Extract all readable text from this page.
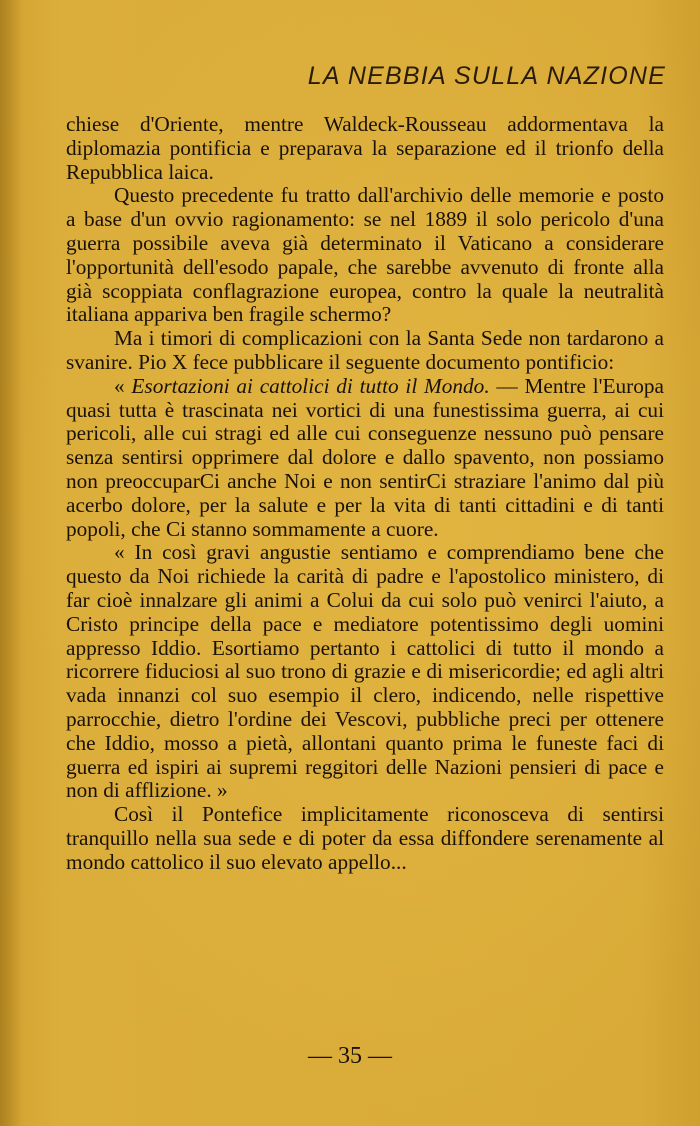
LA NEBBIA SULLA NAZIONE

chiese d'Oriente, mentre Waldeck-Rousseau addormentava la diplomazia pontificia e preparava la separazione ed il trionfo della Repubblica laica.

Questo precedente fu tratto dall'archivio delle memorie e posto a base d'un ovvio ragionamento: se nel 1889 il solo pericolo d'una guerra possibile aveva già determinato il Vaticano a considerare l'opportunità dell'esodo papale, che sarebbe avvenuto di fronte alla già scoppiata conflagrazione europea, contro la quale la neutralità italiana appariva ben fragile schermo?

Ma i timori di complicazioni con la Santa Sede non tardarono a svanire. Pio X fece pubblicare il seguente documento pontificio:

« Esortazioni ai cattolici di tutto il Mondo. — Mentre l'Europa quasi tutta è trascinata nei vortici di una funestissima guerra, ai cui pericoli, alle cui stragi ed alle cui conseguenze nessuno può pensare senza sentirsi opprimere dal dolore e dallo spavento, non possiamo non preoccuparCi anche Noi e non sentirCi straziare l'animo dal più acerbo dolore, per la salute e per la vita di tanti cittadini e di tanti popoli, che Ci stanno sommamente a cuore.

« In così gravi angustie sentiamo e comprendiamo bene che questo da Noi richiede la carità di padre e l'apostolico ministero, di far cioè innalzare gli animi a Colui da cui solo può venirci l'aiuto, a Cristo principe della pace e mediatore potentissimo degli uomini appresso Iddio. Esortiamo pertanto i cattolici di tutto il mondo a ricorrere fiduciosi al suo trono di grazie e di misericordie; ed agli altri vada innanzi col suo esempio il clero, indicendo, nelle rispettive parrocchie, dietro l'ordine dei Vescovi, pubbliche preci per ottenere che Iddio, mosso a pietà, allontani quanto prima le funeste faci di guerra ed ispiri ai supremi reggitori delle Nazioni pensieri di pace e non di afflizione. »

Così il Pontefice implicitamente riconosceva di sentirsi tranquillo nella sua sede e di poter da essa diffondere serenamente al mondo cattolico il suo elevato appello...

— 35 —
